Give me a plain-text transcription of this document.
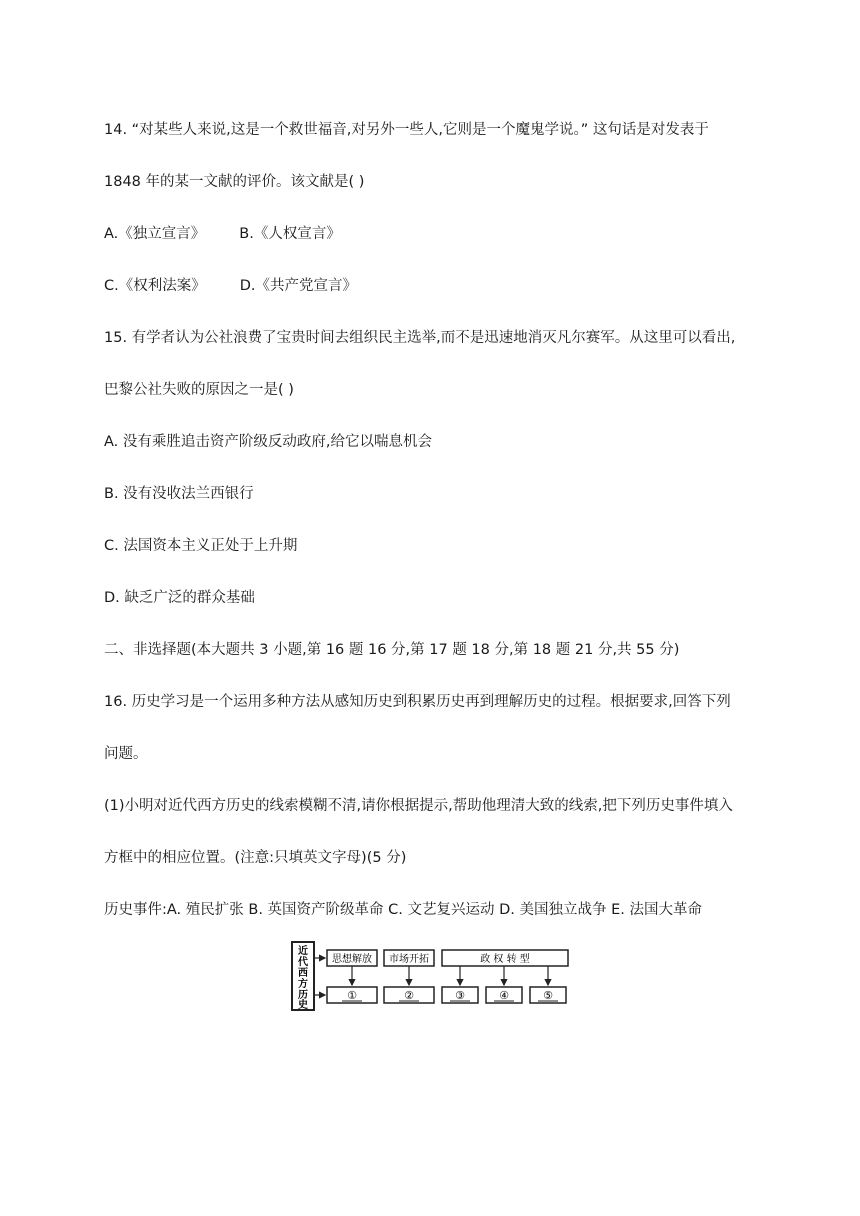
14. “对某些人来说,这是一个救世福音,对另外一些人,它则是一个魔鬼学说。” 这句话是对发表于
1848 年的某一文献的评价。该文献是( )
A.《独立宣言》 B.《人权宣言》
C.《权利法案》 D.《共产党宣言》
15. 有学者认为公社浪费了宝贵时间去组织民主选举,而不是迅速地消灭凡尔赛军。从这里可以看出,
巴黎公社失败的原因之一是( )
A. 没有乘胜追击资产阶级反动政府,给它以喘息机会
B. 没有没收法兰西银行
C. 法国资本主义正处于上升期
D. 缺乏广泛的群众基础
二、非选择题(本大题共 3 小题,第 16 题 16 分,第 17 题 18 分,第 18 题 21 分,共 55 分)
16. 历史学习是一个运用多种方法从感知历史到积累历史再到理解历史的过程。根据要求,回答下列
问题。
(1)小明对近代西方历史的线索模糊不清,请你根据提示,帮助他理清大致的线索,把下列历史事件填入
方框中的相应位置。(注意:只填英文字母)(5 分)
历史事件:A. 殖民扩张 B. 英国资产阶级革命 C. 文艺复兴运动 D. 美国独立战争 E. 法国大革命
近
代
西
方
历
史
思想解放 市场开拓	政 权 转 型
①	②	③	④	⑤
